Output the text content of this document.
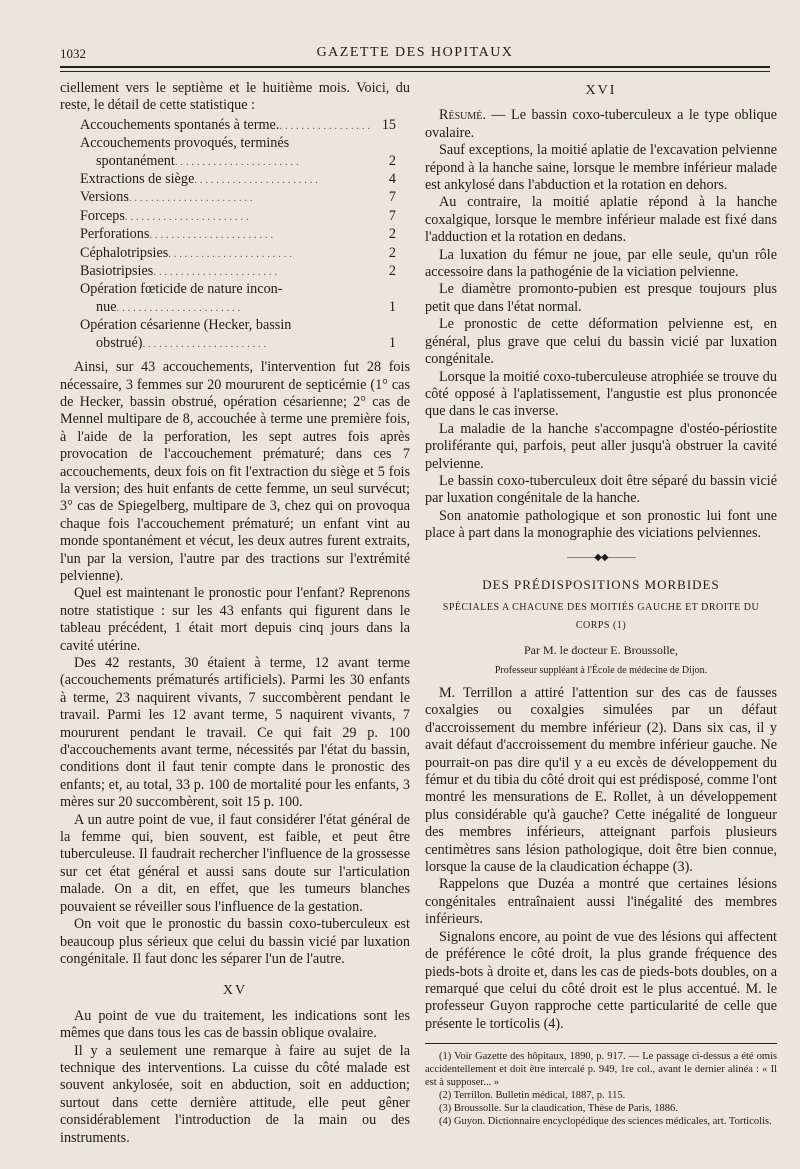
1032	GAZETTE DES HOPITAUX

ciellement vers le septième et le huitième mois. Voici, du reste, le détail de cette statistique :

Accouchements spontanés à terme. . .	15
Accouchements provoqués, terminés
spontanément . .	2
Extractions de siège . .	4
Versions . .	7
Forceps . .	7
Perforations . .	2
Céphalotripsies . .	2
Basiotripsies . .	2
Opération fœticide de nature incon-
nue . .	1
Opération césarienne (Hecker, bassin
obstrué) . .	1

Ainsi, sur 43 accouchements, l'intervention fut 28 fois nécessaire, 3 femmes sur 20 moururent de septicémie (1° cas de Hecker, bassin obstrué, opération césarienne; 2° cas de Mennel multipare de 8, accouchée à terme une première fois, à l'aide de la perforation, les sept autres fois après provocation de l'accouchement prématuré; dans ces 7 accouchements, deux fois on fit l'extraction du siège et 5 fois la version; des huit enfants de cette femme, un seul survécut; 3° cas de Spiegelberg, multipare de 3, chez qui on provoqua chaque fois l'accouchement prématuré; un enfant vint au monde spontanément et vécut, les deux autres furent extraits, l'un par la version, l'autre par des tractions sur l'extrémité pelvienne).

Quel est maintenant le pronostic pour l'enfant? Reprenons notre statistique : sur les 43 enfants qui figurent dans le tableau précédent, 1 était mort depuis cinq jours dans la cavité utérine.

Des 42 restants, 30 étaient à terme, 12 avant terme (accouchements prématurés artificiels). Parmi les 30 enfants à terme, 23 naquirent vivants, 7 succombèrent pendant le travail. Parmi les 12 avant terme, 5 naquirent vivants, 7 moururent pendant le travail. Ce qui fait 29 p. 100 d'accouchements avant terme, nécessités par l'état du bassin, conditions dont il faut tenir compte dans le pronostic des enfants; et, au total, 33 p. 100 de mortalité pour les enfants, 3 mères sur 20 succombèrent, soit 15 p. 100.

A un autre point de vue, il faut considérer l'état général de la femme qui, bien souvent, est faible, et peut être tuberculeuse. Il faudrait rechercher l'influence de la grossesse sur cet état général et aussi sans doute sur l'articulation malade. On a dit, en effet, que les tumeurs blanches pouvaient se réveiller sous l'influence de la gestation.

On voit que le pronostic du bassin coxo-tuberculeux est beaucoup plus sérieux que celui du bassin vicié par luxation congénitale. Il faut donc les séparer l'un de l'autre.

XV

Au point de vue du traitement, les indications sont les mêmes que dans tous les cas de bassin oblique ovalaire.

Il y a seulement une remarque à faire au sujet de la technique des interventions. La cuisse du côté malade est souvent ankylosée, soit en abduction, soit en adduction; surtout dans cette dernière attitude, elle peut gêner considérablement l'introduction de la main ou des instruments.

XVI

Résumé. — Le bassin coxo-tuberculeux a le type oblique ovalaire.

Sauf exceptions, la moitié aplatie de l'excavation pelvienne répond à la hanche saine, lorsque le membre inférieur malade est ankylosé dans l'abduction et la rotation en dehors.

Au contraire, la moitié aplatie répond à la hanche coxalgique, lorsque le membre inférieur malade est fixé dans l'adduction et la rotation en dedans.

La luxation du fémur ne joue, par elle seule, qu'un rôle accessoire dans la pathogénie de la viciation pelvienne.

Le diamètre promonto-pubien est presque toujours plus petit que dans l'état normal.

Le pronostic de cette déformation pelvienne est, en général, plus grave que celui du bassin vicié par luxation congénitale.

Lorsque la moitié coxo-tuberculeuse atrophiée se trouve du côté opposé à l'aplatissement, l'angustie est plus prononcée que dans le cas inverse.

La maladie de la hanche s'accompagne d'ostéo-périostite proliférante qui, parfois, peut aller jusqu'à obstruer la cavité pelvienne.

Le bassin coxo-tuberculeux doit être séparé du bassin vicié par luxation congénitale de la hanche.

Son anatomie pathologique et son pronostic lui font une place à part dans la monographie des viciations pelviennes.

———◆◆———
DES PRÉDISPOSITIONS MORBIDES
SPÉCIALES A CHACUNE DES MOITIÉS GAUCHE ET DROITE DU CORPS (1)
Par M. le docteur E. Broussolle,
Professeur suppléant à l'École de médecine de Dijon.

M. Terrillon a attiré l'attention sur des cas de fausses coxalgies ou coxalgies simulées par un défaut d'accroissement du membre inférieur (2). Dans six cas, il y avait défaut d'accroissement du membre inférieur gauche. Ne pourrait-on pas dire qu'il y a eu excès de développement du fémur et du tibia du côté droit qui est prédisposé, comme l'ont montré les mensurations de E. Rollet, à un développement plus considérable qu'à gauche? Cette inégalité de longueur des membres inférieurs, atteignant parfois plusieurs centimètres sans lésion pathologique, doit être bien connue, lorsque la cause de la claudication échappe (3).

Rappelons que Duzéa a montré que certaines lésions congénitales entraînaient aussi l'inégalité des membres inférieurs.

Signalons encore, au point de vue des lésions qui affectent de préférence le côté droit, la plus grande fréquence des pieds-bots à droite et, dans les cas de pieds-bots doubles, on a remarqué que celui du côté droit est le plus accentué. M. le professeur Guyon rapproche cette particularité de celle que présente le torticolis (4).

(1) Voir Gazette des hôpitaux, 1890, p. 917. — Le passage ci-dessus a été omis accidentellement et doit être intercalé p. 949, 1re col., avant le dernier alinéa : « Il est à supposer... »

(2) Terrillon. Bulletin médical, 1887, p. 115.

(3) Broussolle. Sur la claudication, Thèse de Paris, 1886.

(4) Guyon. Dictionnaire encyclopédique des sciences médicales, art. Torticolis.
